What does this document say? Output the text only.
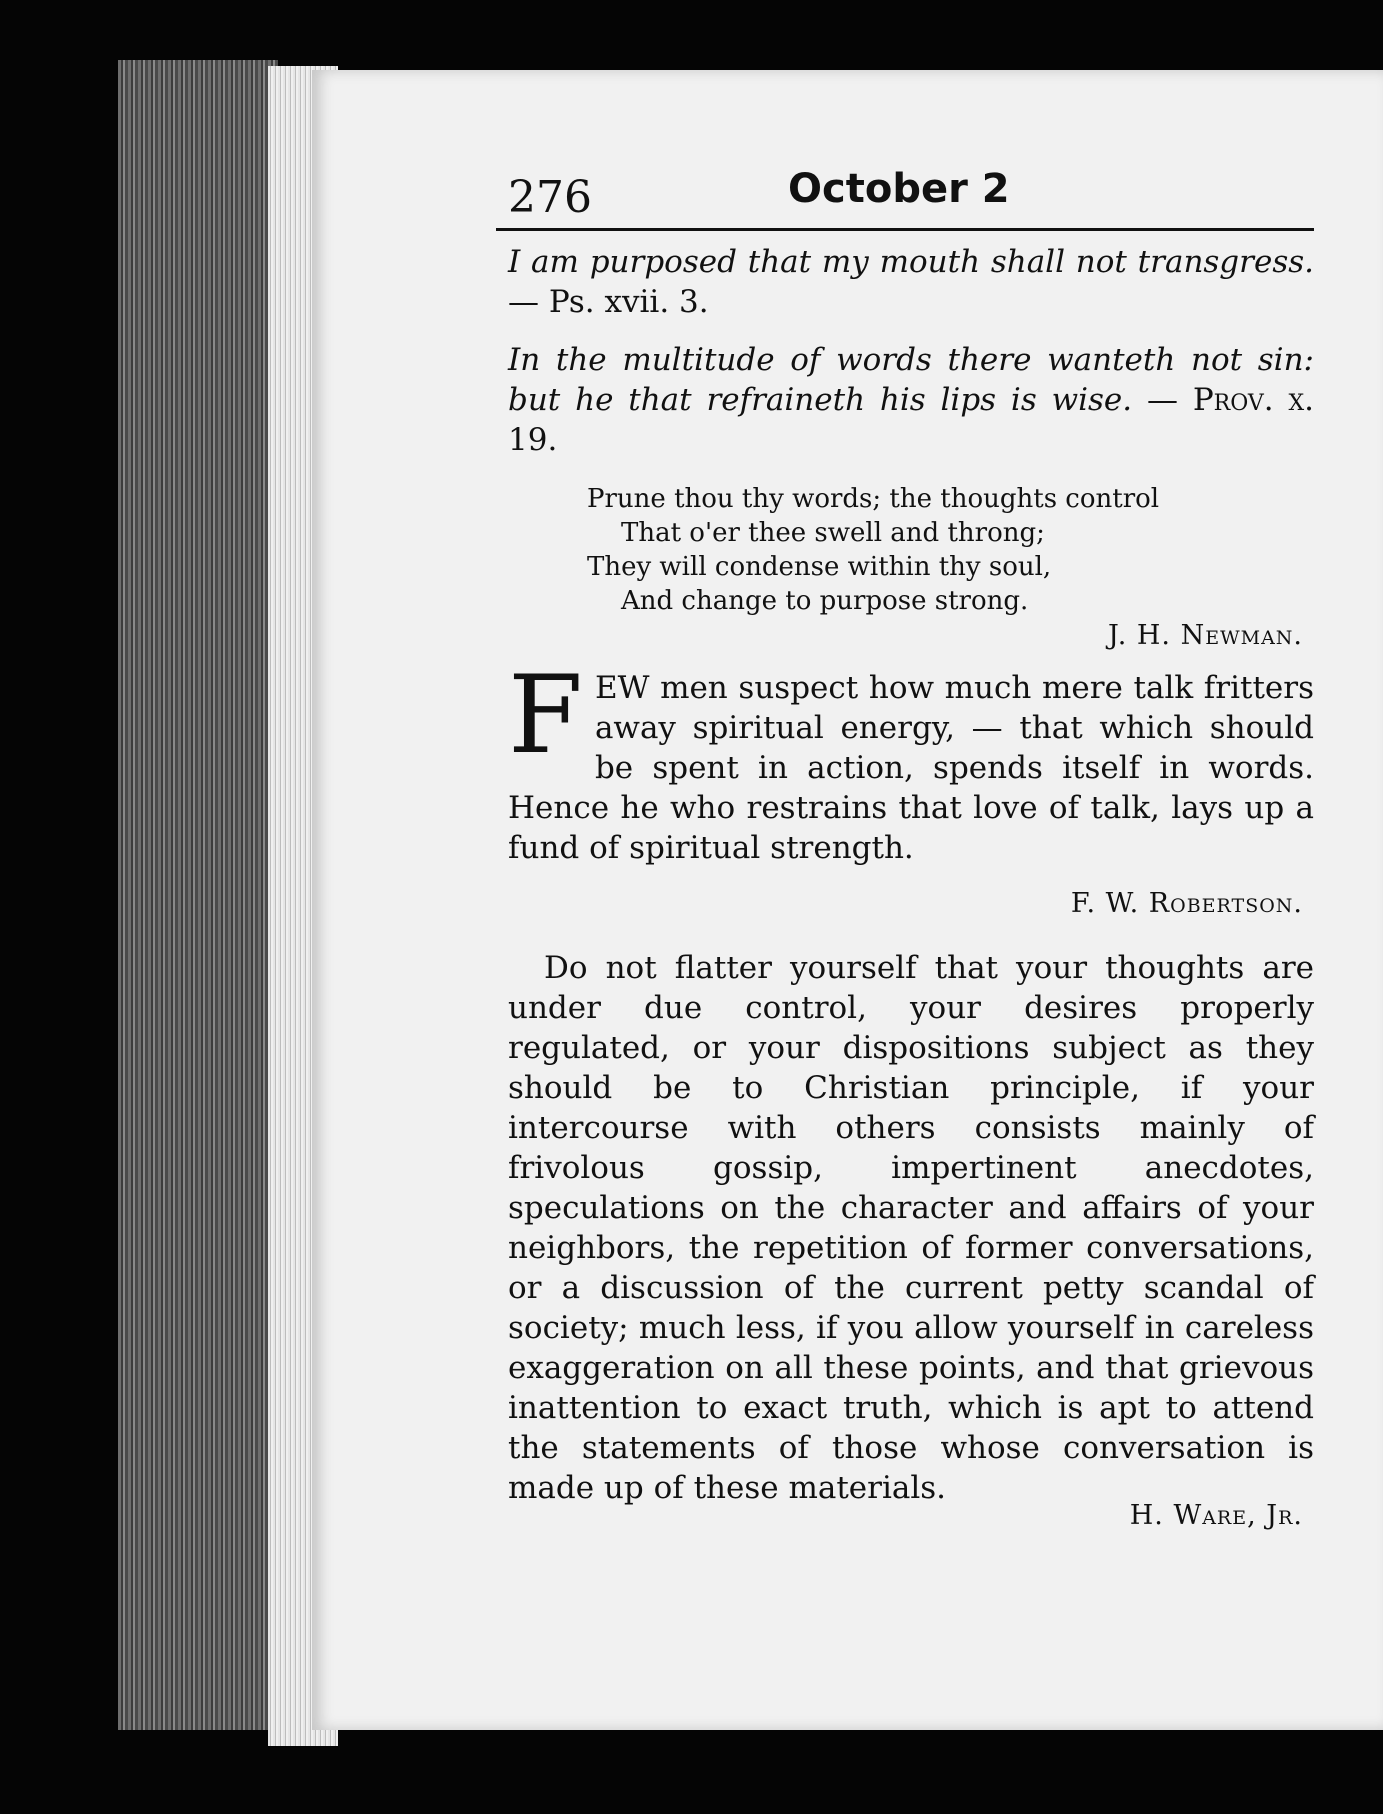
276	October 2

I am purposed that my mouth shall not transgress. — Ps. xvii. 3.

In the multitude of words there wanteth not sin: but he that refraineth his lips is wise. — Prov. x. 19.

Prune thou thy words; the thoughts control
That o'er thee swell and throng;
They will condense within thy soul,
And change to purpose strong.
J. H. Newman.

FEW men suspect how much mere talk fritters away spiritual energy, — that which should be spent in action, spends itself in words. Hence he who restrains that love of talk, lays up a fund of spiritual strength.

F. W. Robertson.

Do not flatter yourself that your thoughts are under due control, your desires properly regulated, or your dispositions subject as they should be to Christian principle, if your intercourse with others consists mainly of frivolous gossip, impertinent anecdotes, speculations on the character and affairs of your neighbors, the repetition of former conversations, or a discussion of the current petty scandal of society; much less, if you allow yourself in careless exaggeration on all these points, and that grievous inattention to exact truth, which is apt to attend the statements of those whose conversation is made up of these materials.

H. Ware, Jr.
